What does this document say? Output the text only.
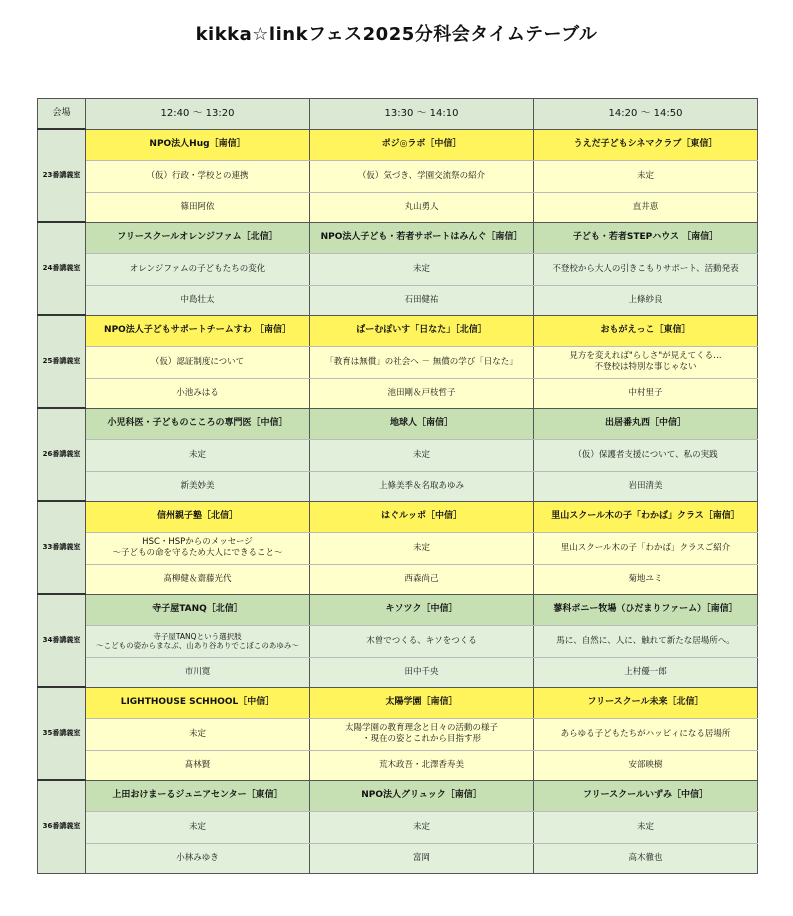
kikka☆linkフェス2025分科会タイムテーブル
会場	12:40 ～ 13:20	13:30 ～ 14:10	14:20 ～ 14:50
23番講義室	NPO法人Hug［南信］	ポジ◎ラボ［中信］	うえだ子どもシネマクラブ［東信］
	（仮）行政・学校との連携	（仮）気づき、学園交流祭の紹介	未定
	篠田阿依	丸山勇人	直井恵
24番講義室	フリースクールオレンジファム［北信］	NPO法人子ども・若者サポートはみんぐ［南信］	子ども・若者STEPハウス ［南信］
	オレンジファムの子どもたちの変化	未定	不登校から大人の引きこもりサポート、活動発表
	中島壮太	石田健祐	上條紗良
25番講義室	NPO法人子どもサポートチームすわ ［南信］	ぱーむぽいす「日なた」［北信］	おもがえっこ［東信］
	（仮）認証制度について	「教育は無償」の社会へ － 無償の学び「日なた」	見方を変えれば"らしさ"が見えてくる…
不登校は特別な事じゃない
	小池みはる	池田剛＆戸枝哲子	中村里子
26番講義室	小児科医・子どものこころの専門医［中信］	地球人［南信］	出居番丸西［中信］
	未定	未定	（仮）保護者支援について、私の実践
	新美妙美	上條美季＆名取あゆみ	岩田清美
33番講義室	信州親子塾［北信］	はぐルッポ［中信］	里山スクール木の子「わかば」クラス［南信］
	HSC・HSPからのメッセージ
〜子どもの命を守るため大人にできること〜	未定	里山スクール木の子「わかば」クラスご紹介
	髙柳健＆齋藤光代	西森尚己	菊地ユミ
34番講義室	寺子屋TANQ［北信］	キソツク［中信］	蓼科ポニー牧場（ひだまりファーム）［南信］
	寺子屋TANQという選択肢
〜こどもの姿からまなぶ、山あり谷ありでこぼこのあゆみ〜	木曽でつくる、キソをつくる	馬に、自然に、人に、触れて新たな居場所へ。
	市川寛	田中千央	上村優一郎
35番講義室	LIGHTHOUSE SCHHOOL［中信］	太陽学園［南信］	フリースクール未来［北信］
	未定	太陽学園の教育理念と日々の活動の様子
・現在の姿とこれから目指す形	あらゆる子どもたちがハッピィになる居場所
	髙林賢	荒木政吾・北澤香寿美	安部映樹
36番講義室	上田おけまーるジュニアセンター［東信］	NPO法人グリュック［南信］	フリースクールいずみ［中信］
	未定	未定	未定
	小林みゆき	富岡	高木徹也
